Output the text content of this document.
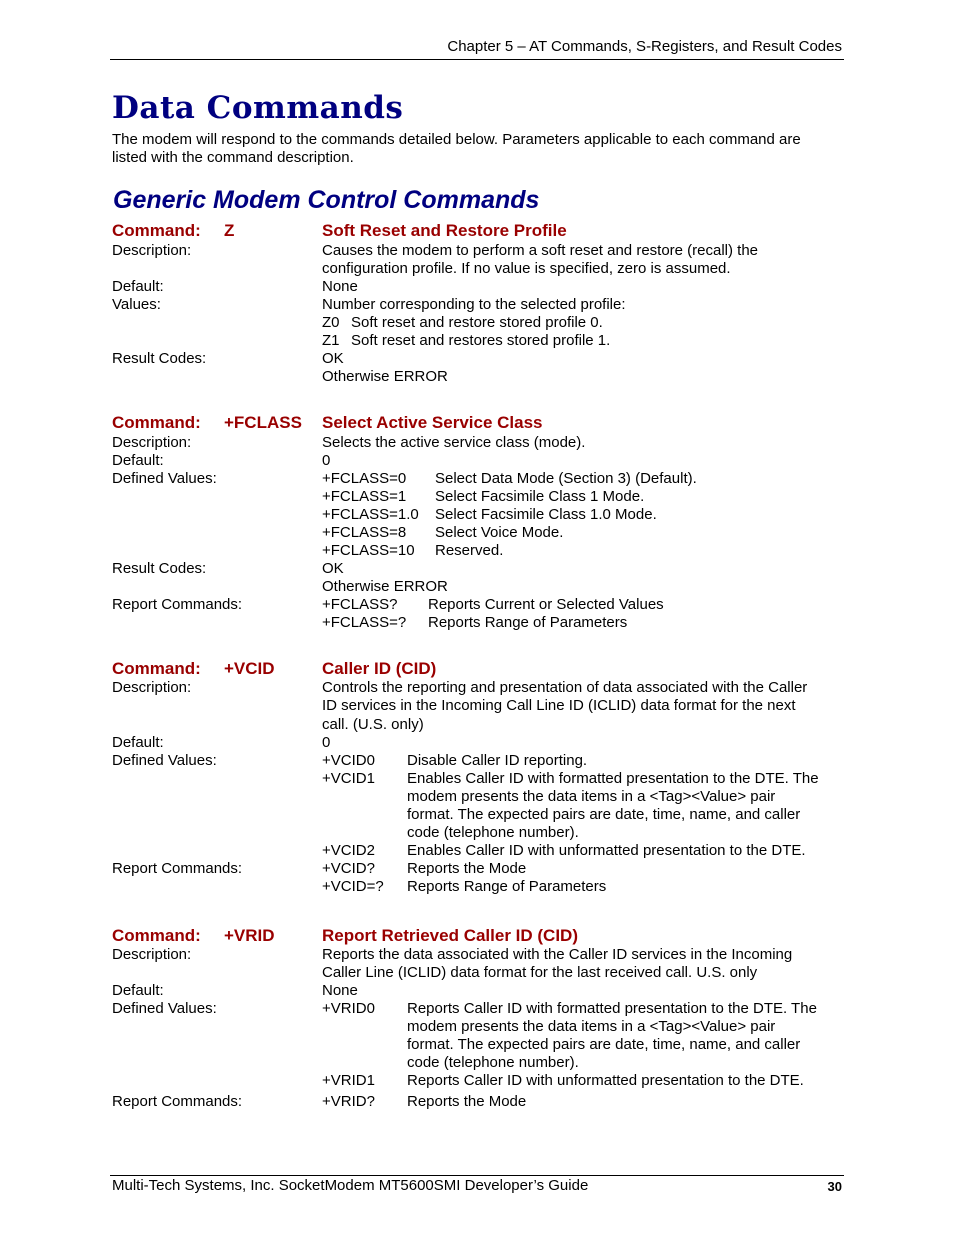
Chapter 5 – AT Commands, S-Registers, and Result Codes
Data Commands
The modem will respond to the commands detailed below. Parameters applicable to each command are
listed with the command description.
Generic Modem Control Commands
Command: Z	Soft Reset and Restore Profile
Description:	Causes the modem to perform a soft reset and restore (recall) the
configuration profile. If no value is specified, zero is assumed.
Default:	None
Values:	Number corresponding to the selected profile:
Z0 Soft reset and restore stored profile 0.
Z1 Soft reset and restores stored profile 1.
Result Codes:	OK
Otherwise ERROR
Command: +FCLASS Select Active Service Class
Description:	Selects the active service class (mode).
Default:	0
Defined Values:	+FCLASS=0 Select Data Mode (Section 3) (Default).
+FCLASS=1 Select Facsimile Class 1 Mode.
+FCLASS=1.0 Select Facsimile Class 1.0 Mode.
+FCLASS=8 Select Voice Mode.
+FCLASS=10 Reserved.
Result Codes:	OK
Otherwise ERROR
Report Commands:	+FCLASS? Reports Current or Selected Values
+FCLASS=? Reports Range of Parameters
Command: +VCID	Caller ID (CID)
Description:	Controls the reporting and presentation of data associated with the Caller
ID services in the Incoming Call Line ID (ICLID) data format for the next
call. (U.S. only)
Default:	0
Defined Values:	+VCID0 Disable Caller ID reporting.
+VCID1 Enables Caller ID with formatted presentation to the DTE. The
modem presents the data items in a <Tag><Value> pair
format. The expected pairs are date, time, name, and caller
code (telephone number).
+VCID2 Enables Caller ID with unformatted presentation to the DTE.
Report Commands:	+VCID? Reports the Mode
+VCID=? Reports Range of Parameters
Command: +VRID	Report Retrieved Caller ID (CID)
Description:	Reports the data associated with the Caller ID services in the Incoming
Caller Line (ICLID) data format for the last received call. U.S. only
Default:	None
Defined Values:	+VRID0 Reports Caller ID with formatted presentation to the DTE. The
modem presents the data items in a <Tag><Value> pair
format. The expected pairs are date, time, name, and caller
code (telephone number).
+VRID1 Reports Caller ID with unformatted presentation to the DTE.
Report Commands:	+VRID? Reports the Mode
Multi-Tech Systems, Inc. SocketModem MT5600SMI Developer’s Guide	30
